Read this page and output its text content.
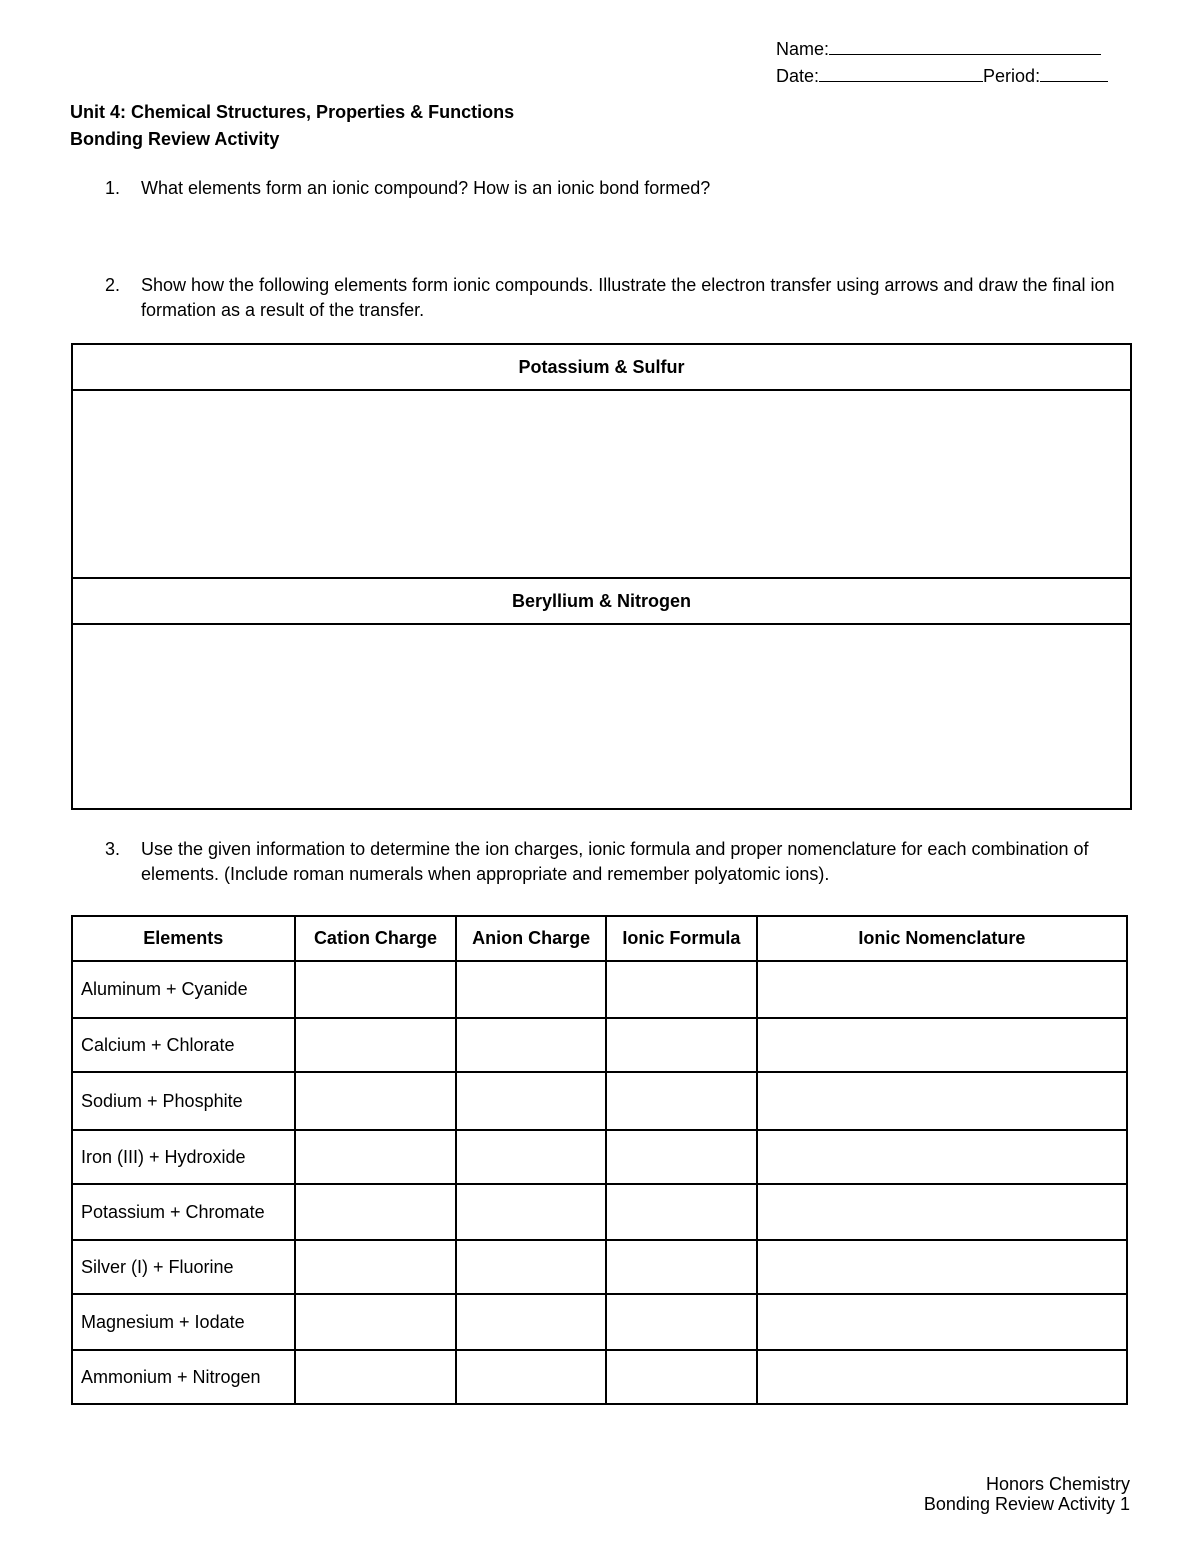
Name:
Date:	Period:
Unit 4: Chemical Structures, Properties & Functions
Bonding Review Activity
1. What elements form an ionic compound? How is an ionic bond formed?
2. Show how the following elements form ionic compounds. Illustrate the electron transfer using arrows and draw the final ion formation as a result of the transfer.
Potassium & Sulfur
Beryllium & Nitrogen
3. Use the given information to determine the ion charges, ionic formula and proper nomenclature for each combination of elements. (Include roman numerals when appropriate and remember polyatomic ions).
Elements	Cation Charge	Anion Charge	Ionic Formula	Ionic Nomenclature
Aluminum + Cyanide				
Calcium + Chlorate				
Sodium + Phosphite				
Iron (III) + Hydroxide				
Potassium + Chromate				
Silver (I) + Fluorine				
Magnesium + Iodate				
Ammonium + Nitrogen				
Honors Chemistry
Bonding Review Activity 1
